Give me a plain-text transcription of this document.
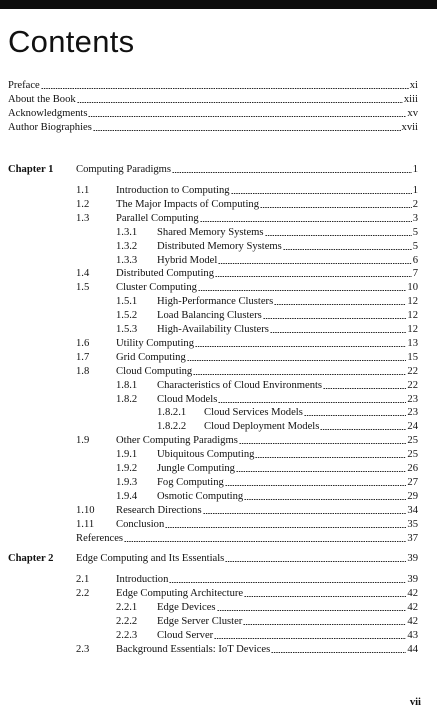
Contents
Preface	xi
About the Book	xiii
Acknowledgments	xv
Author Biographies	xvii
Chapter 1 Computing Paradigms	1
1.1	Introduction to Computing	1
1.2	The Major Impacts of Computing	2
1.3	Parallel Computing	3
1.3.1	Shared Memory Systems	5
1.3.2	Distributed Memory Systems	5
1.3.3	Hybrid Model	6
1.4	Distributed Computing	7
1.5	Cluster Computing	10
1.5.1	High-Performance Clusters	12
1.5.2	Load Balancing Clusters	12
1.5.3	High-Availability Clusters	12
1.6	Utility Computing	13
1.7	Grid Computing	15
1.8	Cloud Computing	22
1.8.1	Characteristics of Cloud Environments	22
1.8.2	Cloud Models	23
1.8.2.1	Cloud Services Models	23
1.8.2.2	Cloud Deployment Models	24
1.9	Other Computing Paradigms	25
1.9.1	Ubiquitous Computing	25
1.9.2	Jungle Computing	26
1.9.3	Fog Computing	27
1.9.4	Osmotic Computing	29
1.10	Research Directions	34
1.11	Conclusion	35
References	37
Chapter 2 Edge Computing and Its Essentials	39
2.1	Introduction	39
2.2	Edge Computing Architecture	42
2.2.1	Edge Devices	42
2.2.2	Edge Server Cluster	42
2.2.3	Cloud Server	43
2.3	Background Essentials: IoT Devices	44
vii
